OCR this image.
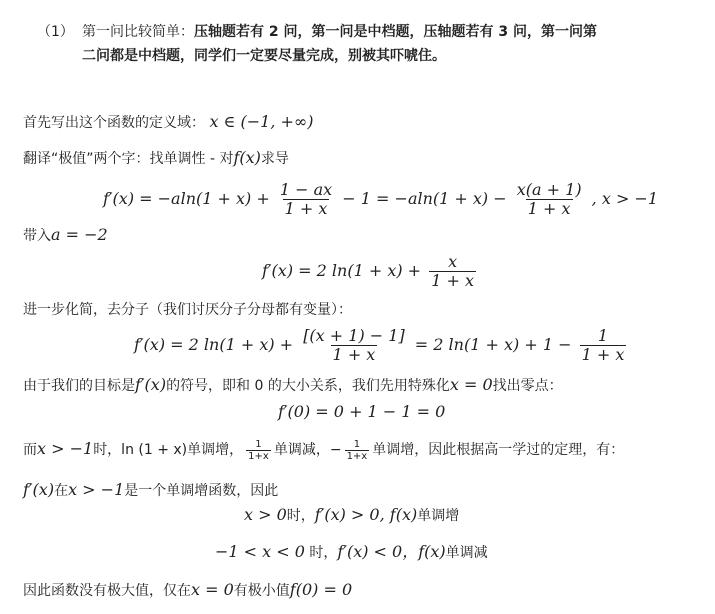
（1） 第一问比较简单：压轴题若有 2 问，第一问是中档题，压轴题若有 3 问，第一问第
二问都是中档题，同学们一定要尽量完成，别被其吓唬住。
首先写出这个函数的定义域： x ∈ (−1, +∞)
翻译“极值”两个字：找单调性 - 对f(x)求导
$f'(x) = -aln(1 + x) + \frac{1 - ax}{1 + x} - 1 = -aln(1 + x) - \frac{x(a + 1)}{1 + x}$ , x > −1
带入a = −2
f′(x) = 2 $\ln(1 + x) + \frac{x}{1 + x}$
进一步化简，去分子（我们讨厌分子分母都有变量）：
f′(x) = 2 $\ln(1 + x) + \frac{[(x + 1) - 1]}{1 + x} = 2$ $\ln(1 + x) + 1 - \frac{1}{1 + x}$
由于我们的目标是f′(x)的符号，即和 0 的大小关系，我们先用特殊化x = 0找出零点：
f′(0) = 0 + 1 − 1 = 0
而x > −1时，ln (1 + x)单调增， $\frac{1}{1+x}$ 单调减，− $\frac{1}{1+x}$ 单调增，因此根据高一学过的定理，有：
f′(x)在x > −1是一个单调增函数，因此
x > 0时，f′(x) > 0, f(x)单调增
−1 < x < 0 时，f′(x) < 0，f(x)单调减
因此函数没有极大值，仅在x = 0有极小值f(0) = 0
